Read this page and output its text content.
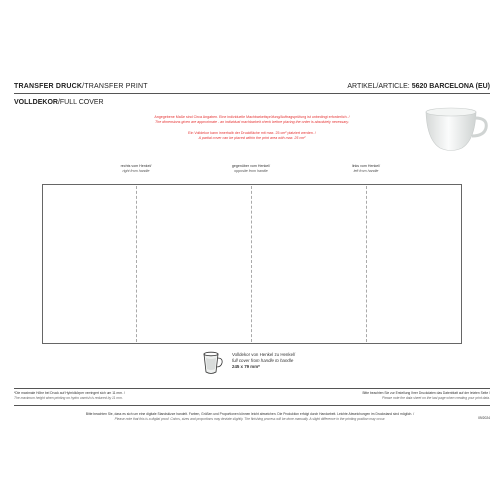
TRANSFER DRUCK/TRANSFER PRINT	ARTIKEL/ARTICLE: 5620 BARCELONA (EU)
VOLLDEKOR/FULL COVER
Angegebene Maße sind Circa Angaben. Eine individuelle Machbarkeitsprüfung/Auftragsprüfung ist unbedingt erforderlich. /
The dimensions given are approximate - an individual machbarkeit check before placing the order is absolutely necessary.
Ein Volldekor kann innerhalb der Druckfläche mit max. 25 cm² platziert werden. /
A partial cover can be placed within the print area with max. 25 cm²
rechts vom Henkel/
right from handle
gegenüber vom Henkel/
opposite from handle
links vom Henkel/
left from handle
Volldekor von Henkel zu Henkel/
full cover from handle to handle
245 x 79 mm*
*Die maximale Höhe bei Druck auf Hybridkörper verringert sich um 11 mm. /
The maximum height when printing on hydro varnish is reduced by 11 mm.
Bitte beachten Sie zur Erstellung Ihrer Druckdaten das Datenblatt auf der letzten Seite /
Please note the data sheet on the last page when creating your print data.
Bitte beachten Sie, dass es sich um eine digitale Standskizze handelt. Farben, Größen und Proportionen können leicht abweichen. Die Produktion erfolgt durch Handarbeit. Leichte Abweichungen im Druckstand sind möglich. /
Please note that this is a digital proof. Colors, sizes and proportions may deviate slightly. The finishing process will be done manually. A slight difference in the printing position may occur.	09/2024
